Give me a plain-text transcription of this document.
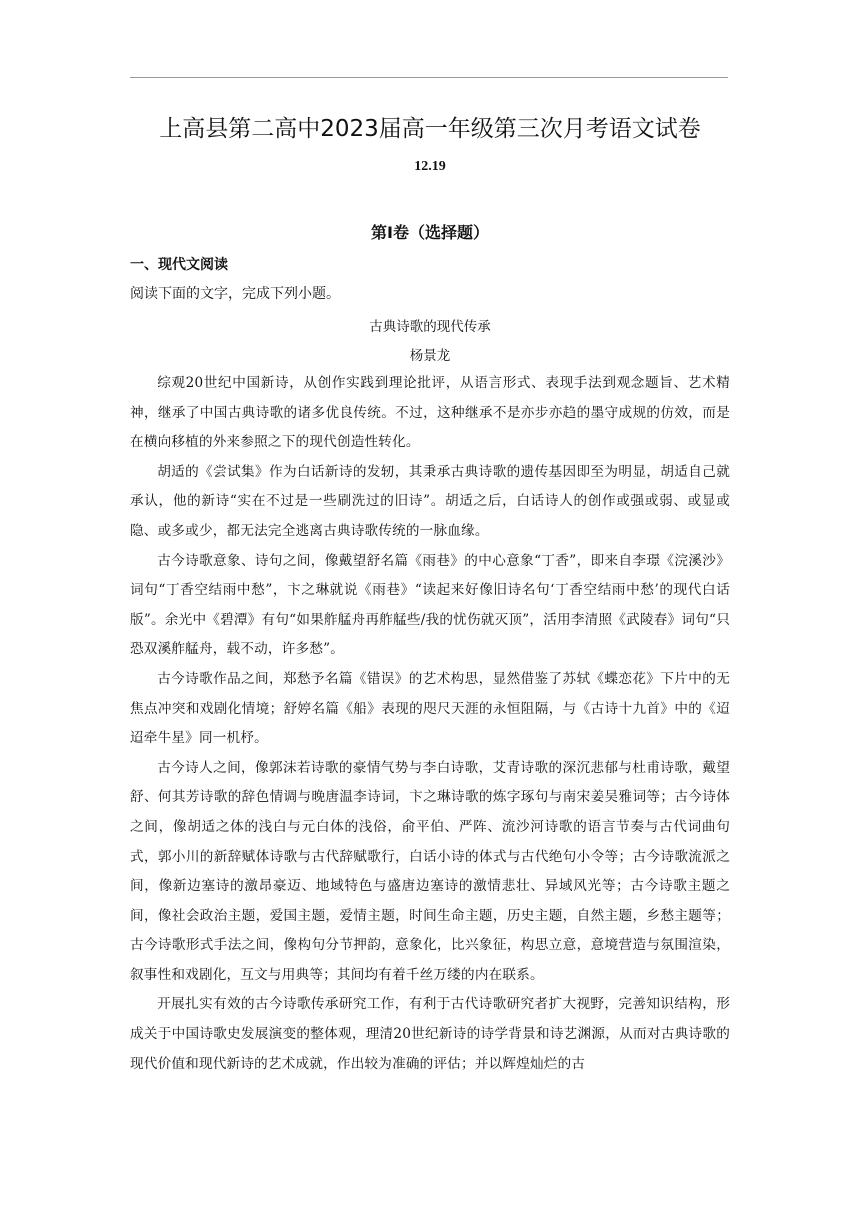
上高县第二高中2023届高一年级第三次月考语文试卷
12.19
第Ⅰ卷（选择题）
一、现代文阅读
阅读下面的文字，完成下列小题。
古典诗歌的现代传承
杨景龙

综观20世纪中国新诗，从创作实践到理论批评，从语言形式、表现手法到观念题旨、艺术精神，继承了中国古典诗歌的诸多优良传统。不过，这种继承不是亦步亦趋的墨守成规的仿效，而是在横向移植的外来参照之下的现代创造性转化。

胡适的《尝试集》作为白话新诗的发轫，其秉承古典诗歌的遗传基因即至为明显，胡适自己就承认，他的新诗“实在不过是一些刷洗过的旧诗”。胡适之后，白话诗人的创作或强或弱、或显或隐、或多或少，都无法完全逃离古典诗歌传统的一脉血缘。

古今诗歌意象、诗句之间，像戴望舒名篇《雨巷》的中心意象“丁香”，即来自李璟《浣溪沙》词句“丁香空结雨中愁”，卞之琳就说《雨巷》“读起来好像旧诗名句‘丁香空结雨中愁’的现代白话版”。余光中《碧潭》有句“如果舴艋舟再舴艋些/我的忧伤就灭顶”，活用李清照《武陵春》词句“只恐双溪舴艋舟，载不动，许多愁”。

古今诗歌作品之间，郑愁予名篇《错误》的艺术构思，显然借鉴了苏轼《蝶恋花》下片中的无焦点冲突和戏剧化情境；舒婷名篇《船》表现的咫尺天涯的永恒阻隔，与《古诗十九首》中的《迢迢牵牛星》同一机杼。

古今诗人之间，像郭沫若诗歌的豪情气势与李白诗歌，艾青诗歌的深沉悲郁与杜甫诗歌，戴望舒、何其芳诗歌的辞色情调与晚唐温李诗词，卞之琳诗歌的炼字琢句与南宋姜吴雅词等；古今诗体之间，像胡适之体的浅白与元白体的浅俗，俞平伯、严阵、流沙河诗歌的语言节奏与古代词曲句式，郭小川的新辞赋体诗歌与古代辞赋歌行，白话小诗的体式与古代绝句小令等；古今诗歌流派之间，像新边塞诗的激昂豪迈、地域特色与盛唐边塞诗的激情悲壮、异域风光等；古今诗歌主题之间，像社会政治主题，爱国主题，爱情主题，时间生命主题，历史主题，自然主题，乡愁主题等；古今诗歌形式手法之间，像构句分节押韵，意象化，比兴象征，构思立意，意境营造与氛围渲染，叙事性和戏剧化，互文与用典等；其间均有着千丝万缕的内在联系。

开展扎实有效的古今诗歌传承研究工作，有利于古代诗歌研究者扩大视野，完善知识结构，形成关于中国诗歌史发展演变的整体观，理清20世纪新诗的诗学背景和诗艺渊源，从而对古典诗歌的现代价值和现代新诗的艺术成就，作出较为准确的评估；并以辉煌灿烂的古
